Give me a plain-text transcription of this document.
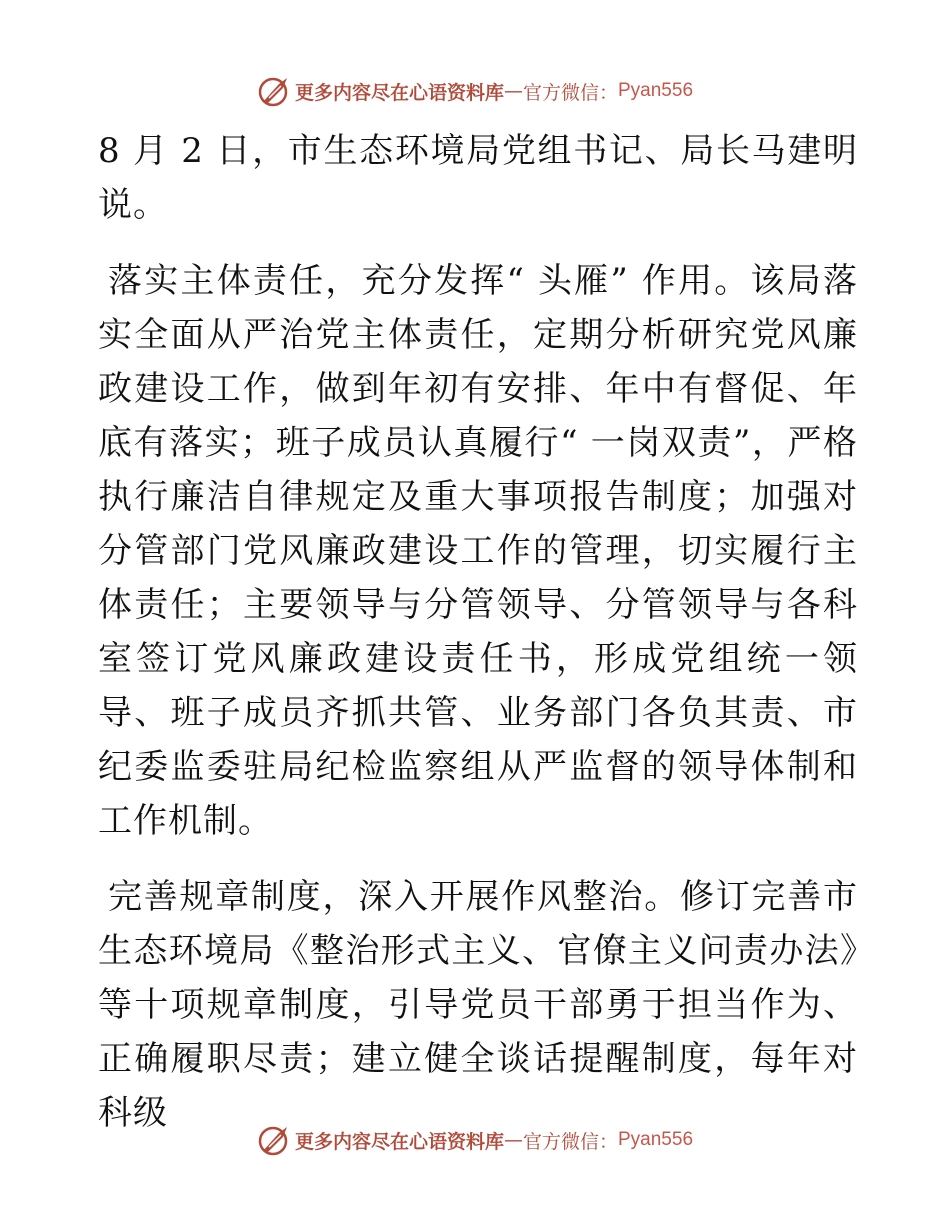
更多内容尽在心语资料库 — 官方微信： Pyan556

8 月 2 日，市生态环境局党组书记、局长马建明说。

落实主体责任，充分发挥“ 头雁” 作用。该局落实全面从严治党主体责任，定期分析研究党风廉政建设工作，做到年初有安排、年中有督促、年底有落实；班子成员认真履行“ 一岗双责”，严格执行廉洁自律规定及重大事项报告制度；加强对分管部门党风廉政建设工作的管理，切实履行主体责任；主要领导与分管领导、分管领导与各科室签订党风廉政建设责任书，形成党组统一领导、班子成员齐抓共管、业务部门各负其责、市纪委监委驻局纪检监察组从严监督的领导体制和工作机制。

完善规章制度，深入开展作风整治。修订完善市生态环境局《整治形式主义、官僚主义问责办法》等十项规章制度，引导党员干部勇于担当作为、正确履职尽责；建立健全谈话提醒制度，每年对科级

更多内容尽在心语资料库 — 官方微信： Pyan556
